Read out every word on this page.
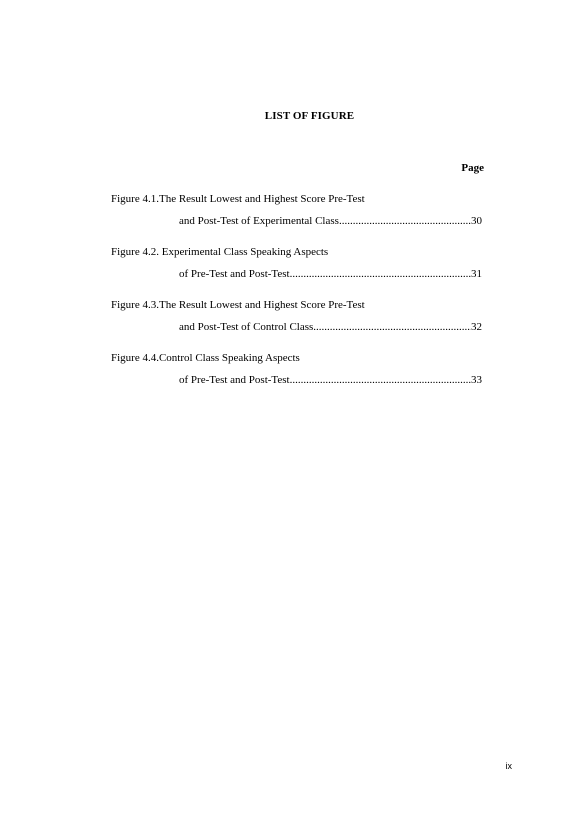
LIST OF FIGURE
Page
Figure 4.1.The Result Lowest and Highest Score Pre-Test
and Post-Test of Experimental Class .....	30
Figure 4.2. Experimental Class Speaking Aspects
of Pre-Test and Post-Test .....	31
Figure 4.3.The Result Lowest and Highest Score Pre-Test
and Post-Test of Control Class .....	32
Figure 4.4.Control Class Speaking Aspects
of Pre-Test and Post-Test .....	33
ix
